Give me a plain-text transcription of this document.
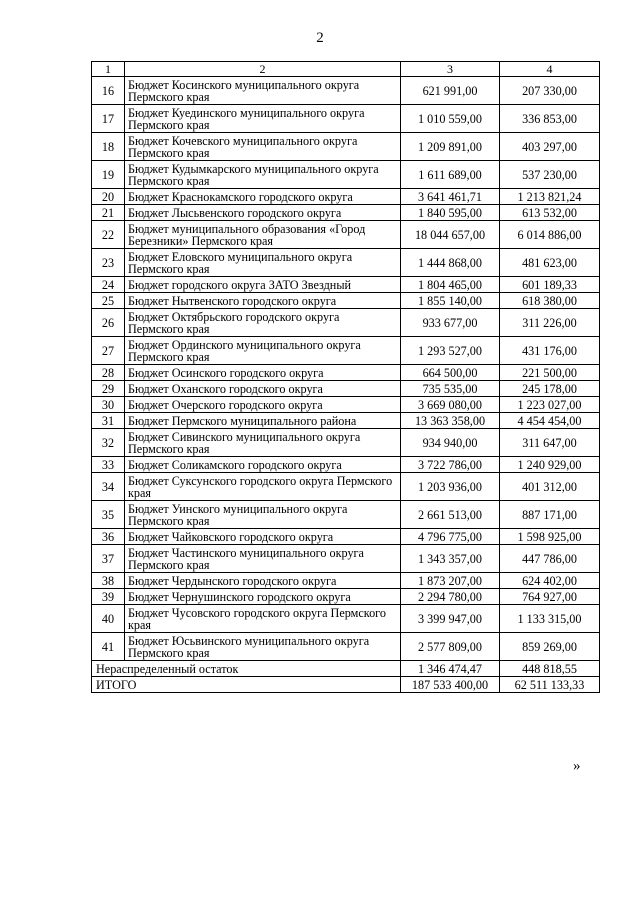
2
1	2	3	4
16	Бюджет Косинского муниципального округа Пермского края	621 991,00	207 330,00
17	Бюджет Куединского муниципального округа Пермского края	1 010 559,00	336 853,00
18	Бюджет Кочевского муниципального округа Пермского края	1 209 891,00	403 297,00
19	Бюджет Кудымкарского муниципального округа Пермского края	1 611 689,00	537 230,00
20	Бюджет Краснокамского городского округа	3 641 461,71	1 213 821,24
21	Бюджет Лысьвенского городского округа	1 840 595,00	613 532,00
22	Бюджет муниципального образования «Город Березники» Пермского края	18 044 657,00	6 014 886,00
23	Бюджет Еловского муниципального округа Пермского края	1 444 868,00	481 623,00
24	Бюджет городского округа ЗАТО Звездный	1 804 465,00	601 189,33
25	Бюджет Нытвенского городского округа	1 855 140,00	618 380,00
26	Бюджет Октябрьского городского округа Пермского края	933 677,00	311 226,00
27	Бюджет Ординского муниципального округа Пермского края	1 293 527,00	431 176,00
28	Бюджет Осинского городского округа	664 500,00	221 500,00
29	Бюджет Оханского городского округа	735 535,00	245 178,00
30	Бюджет Очерского городского округа	3 669 080,00	1 223 027,00
31	Бюджет Пермского муниципального района	13 363 358,00	4 454 454,00
32	Бюджет Сивинского муниципального округа Пермского края	934 940,00	311 647,00
33	Бюджет Соликамского городского округа	3 722 786,00	1 240 929,00
34	Бюджет Суксунского городского округа Пермского края	1 203 936,00	401 312,00
35	Бюджет Уинского муниципального округа Пермского края	2 661 513,00	887 171,00
36	Бюджет Чайковского городского округа	4 796 775,00	1 598 925,00
37	Бюджет Частинского муниципального округа Пермского края	1 343 357,00	447 786,00
38	Бюджет Чердынского городского округа	1 873 207,00	624 402,00
39	Бюджет Чернушинского городского округа	2 294 780,00	764 927,00
40	Бюджет Чусовского городского округа Пермского края	3 399 947,00	1 133 315,00
41	Бюджет Юсьвинского муниципального округа Пермского края	2 577 809,00	859 269,00
Нераспределенный остаток		1 346 474,47	448 818,55
ИТОГО		187 533 400,00	62 511 133,33
»
